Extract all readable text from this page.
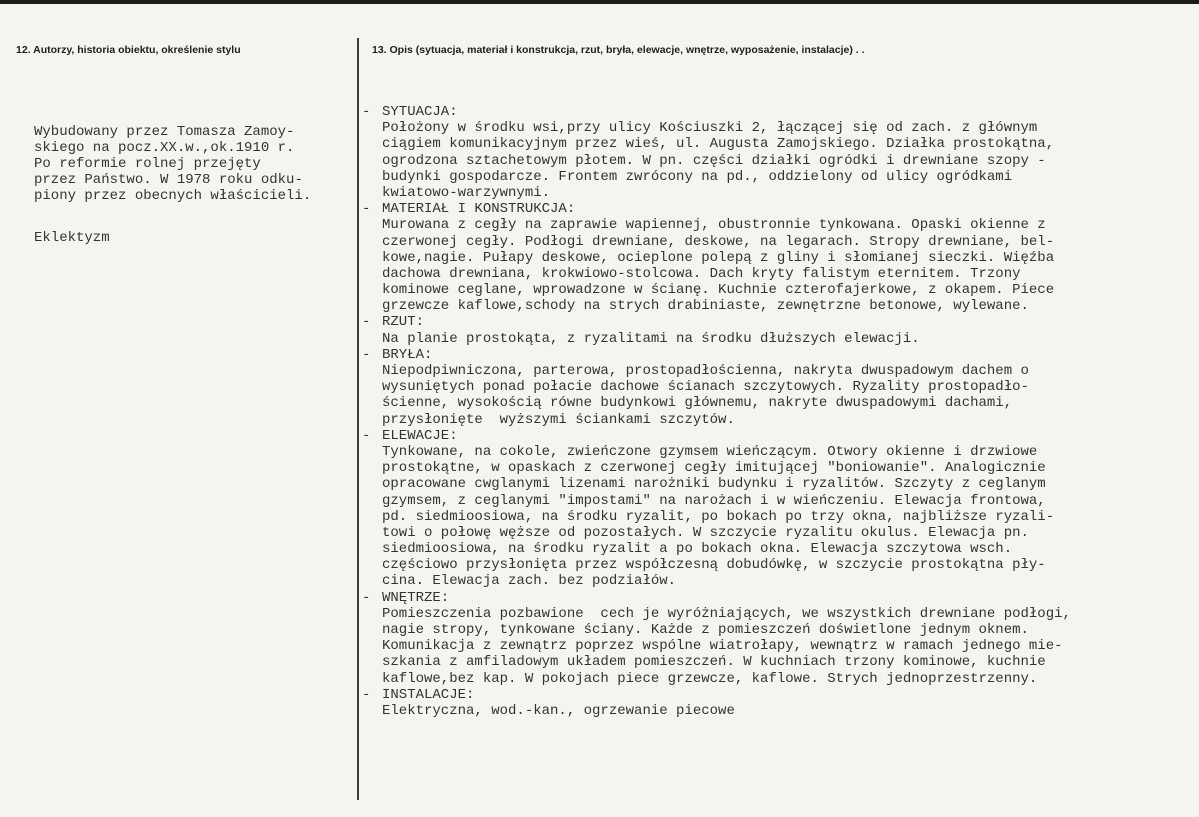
12. Autorzy, historia obiektu, określenie stylu	13. Opis (sytuacja, materiał i konstrukcja, rzut, bryła, elewacje, wnętrze, wyposażenie, instalacje) . .
Wybudowany przez Tomasza Zamoy-
skiego na pocz.XX.w.,ok.1910 r.
Po reformie rolnej przejęty
przez Państwo. W 1978 roku odku-
piony przez obecnych właścicieli.
Eklektyzm
- SYTUACJA:
Położony w środku wsi,przy ulicy Kościuszki 2, łączącej się od zach. z głównym
ciągiem komunikacyjnym przez wieś, ul. Augusta Zamojskiego. Działka prostokątna,
ogrodzona sztachetowym płotem. W pn. części działki ogródki i drewniane szopy -
budynki gospodarcze. Frontem zwrócony na pd., oddzielony od ulicy ogródkami
kwiatowo-warzywnymi.
- MATERIAŁ I KONSTRUKCJA:
Murowana z cegły na zaprawie wapiennej, obustronnie tynkowana. Opaski okienne z
czerwonej cegły. Podłogi drewniane, deskowe, na legarach. Stropy drewniane, bel-
kowe,nagie. Pułapy deskowe, ocieplone polepą z gliny i słomianej sieczki. Więźba
dachowa drewniana, krokwiowo-stolcowa. Dach kryty falistym eternitem. Trzony
kominowe ceglane, wprowadzone w ścianę. Kuchnie czterofajerkowe, z okapem. Piece
grzewcze kaflowe,schody na strych drabiniaste, zewnętrzne betonowe, wylewane.
- RZUT:
Na planie prostokąta, z ryzalitami na środku dłuższych elewacji.
- BRYŁA:
Niepodpiwniczona, parterowa, prostopadłościenna, nakryta dwuspadowym dachem o
wysuniętych ponad połacie dachowe ścianach szczytowych. Ryzality prostopadło-
ścienne, wysokością równe budynkowi głównemu, nakryte dwuspadowymi dachami,
przysłonięte  wyższymi ściankami szczytów.
- ELEWACJE:
Tynkowane, na cokole, zwieńczone gzymsem wieńczącym. Otwory okienne i drzwiowe
prostokątne, w opaskach z czerwonej cegły imitującej "boniowanie". Analogicznie
opracowane cwglanymi lizenami narożniki budynku i ryzalitów. Szczyty z ceglanym
gzymsem, z ceglanymi "impostami" na narożach i w wieńczeniu. Elewacja frontowa,
pd. siedmioosiowa, na środku ryzalit, po bokach po trzy okna, najbliższe ryzali-
towi o połowę węższe od pozostałych. W szczycie ryzalitu okulus. Elewacja pn.
siedmioosiowa, na środku ryzalit a po bokach okna. Elewacja szczytowa wsch.
częściowo przysłonięta przez współczesną dobudówkę, w szczycie prostokątna pły-
cina. Elewacja zach. bez podziałów.
- WNĘTRZE:
Pomieszczenia pozbawione  cech je wyróżniających, we wszystkich drewniane podłogi,
nagie stropy, tynkowane ściany. Każde z pomieszczeń doświetlone jednym oknem.
Komunikacja z zewnątrz poprzez wspólne wiatrołapy, wewnątrz w ramach jednego mie-
szkania z amfiladowym układem pomieszczeń. W kuchniach trzony kominowe, kuchnie
kaflowe,bez kap. W pokojach piece grzewcze, kaflowe. Strych jednoprzestrzenny.
- INSTALACJE:
Elektryczna, wod.-kan., ogrzewanie piecowe
